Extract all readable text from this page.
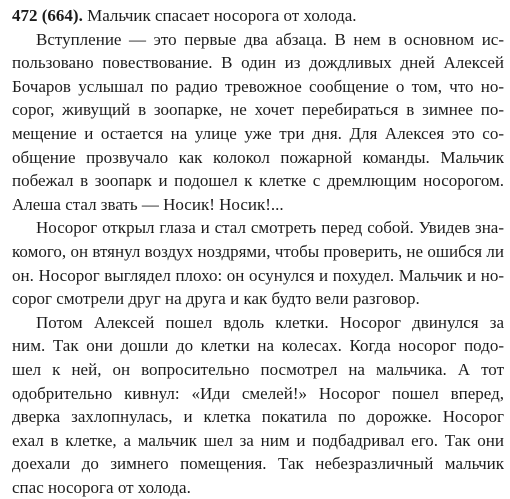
472 (664). Мальчик спасает носорога от холода.
Вступление — это первые два абзаца. В нем в основном ис-
пользовано повествование. В один из дождливых дней Алексей
Бочаров услышал по радио тревожное сообщение о том, что но-
сорог, живущий в зоопарке, не хочет перебираться в зимнее по-
мещение и остается на улице уже три дня. Для Алексея это со-
общение прозвучало как колокол пожарной команды. Мальчик
побежал в зоопарк и подошел к клетке с дремлющим носорогом.
Алеша стал звать — Носик! Носик!...
Носорог открыл глаза и стал смотреть перед собой. Увидев зна-
комого, он втянул воздух ноздрями, чтобы проверить, не ошибся ли
он. Носорог выглядел плохо: он осунулся и похудел. Мальчик и но-
сорог смотрели друг на друга и как будто вели разговор.
Потом Алексей пошел вдоль клетки. Носорог двинулся за
ним. Так они дошли до клетки на колесах. Когда носорог подо-
шел к ней, он вопросительно посмотрел на мальчика. А тот
одобрительно кивнул: «Иди смелей!» Носорог пошел вперед,
дверка захлопнулась, и клетка покатила по дорожке. Носорог
ехал в клетке, а мальчик шел за ним и подбадривал его. Так они
доехали до зимнего помещения. Так небезразличный мальчик
спас носорога от холода.
